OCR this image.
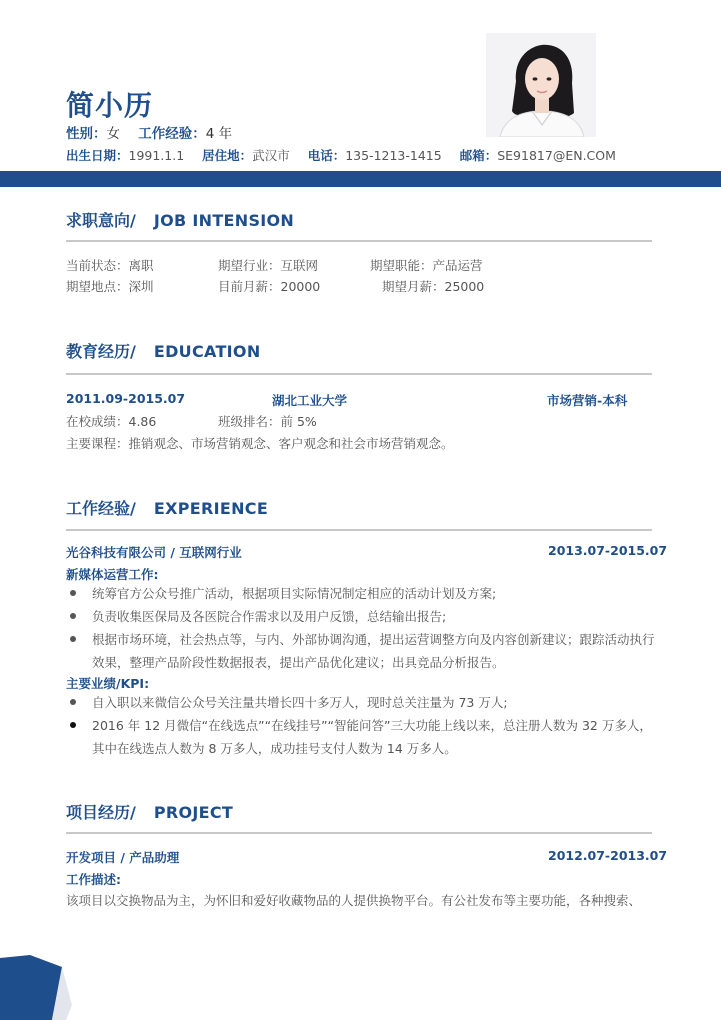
简小历
性别：女 工作经验：4 年
出生日期：1991.1.1 居住地：武汉市 电话：135-1213-1415 邮箱：SE91817@EN.COM
求职意向/ JOB INTENSION
当前状态：离职	期望行业：互联网	期望职能：产品运营
期望地点：深圳	目前月薪：20000	期望月薪：25000
教育经历/ EDUCATION
2011.09-2015.07	湖北工业大学	市场营销-本科
在校成绩：4.86	班级排名：前 5%
主要课程：推销观念、市场营销观念、客户观念和社会市场营销观念。
工作经验/ EXPERIENCE
光谷科技有限公司 / 互联网行业	2013.07-2015.07
新媒体运营工作:
统筹官方公众号推广活动，根据项目实际情况制定相应的活动计划及方案;
负责收集医保局及各医院合作需求以及用户反馈，总结输出报告;
根据市场环境，社会热点等，与内、外部协调沟通，提出运营调整方向及内容创新建议；跟踪活动执行效果，整理产品阶段性数据报表，提出产品优化建议；出具竞品分析报告。
主要业绩/KPI:
自入职以来微信公众号关注量共增长四十多万人，现时总关注量为 73 万人;
2016 年 12 月微信“在线选点”“在线挂号”“智能问答”三大功能上线以来，总注册人数为 32 万多人，其中在线选点人数为 8 万多人，成功挂号支付人数为 14 万多人。
项目经历/ PROJECT
开发项目 / 产品助理	2012.07-2013.07
工作描述:
该项目以交换物品为主，为怀旧和爱好收藏物品的人提供换物平台。有公社发布等主要功能，各种搜索、
